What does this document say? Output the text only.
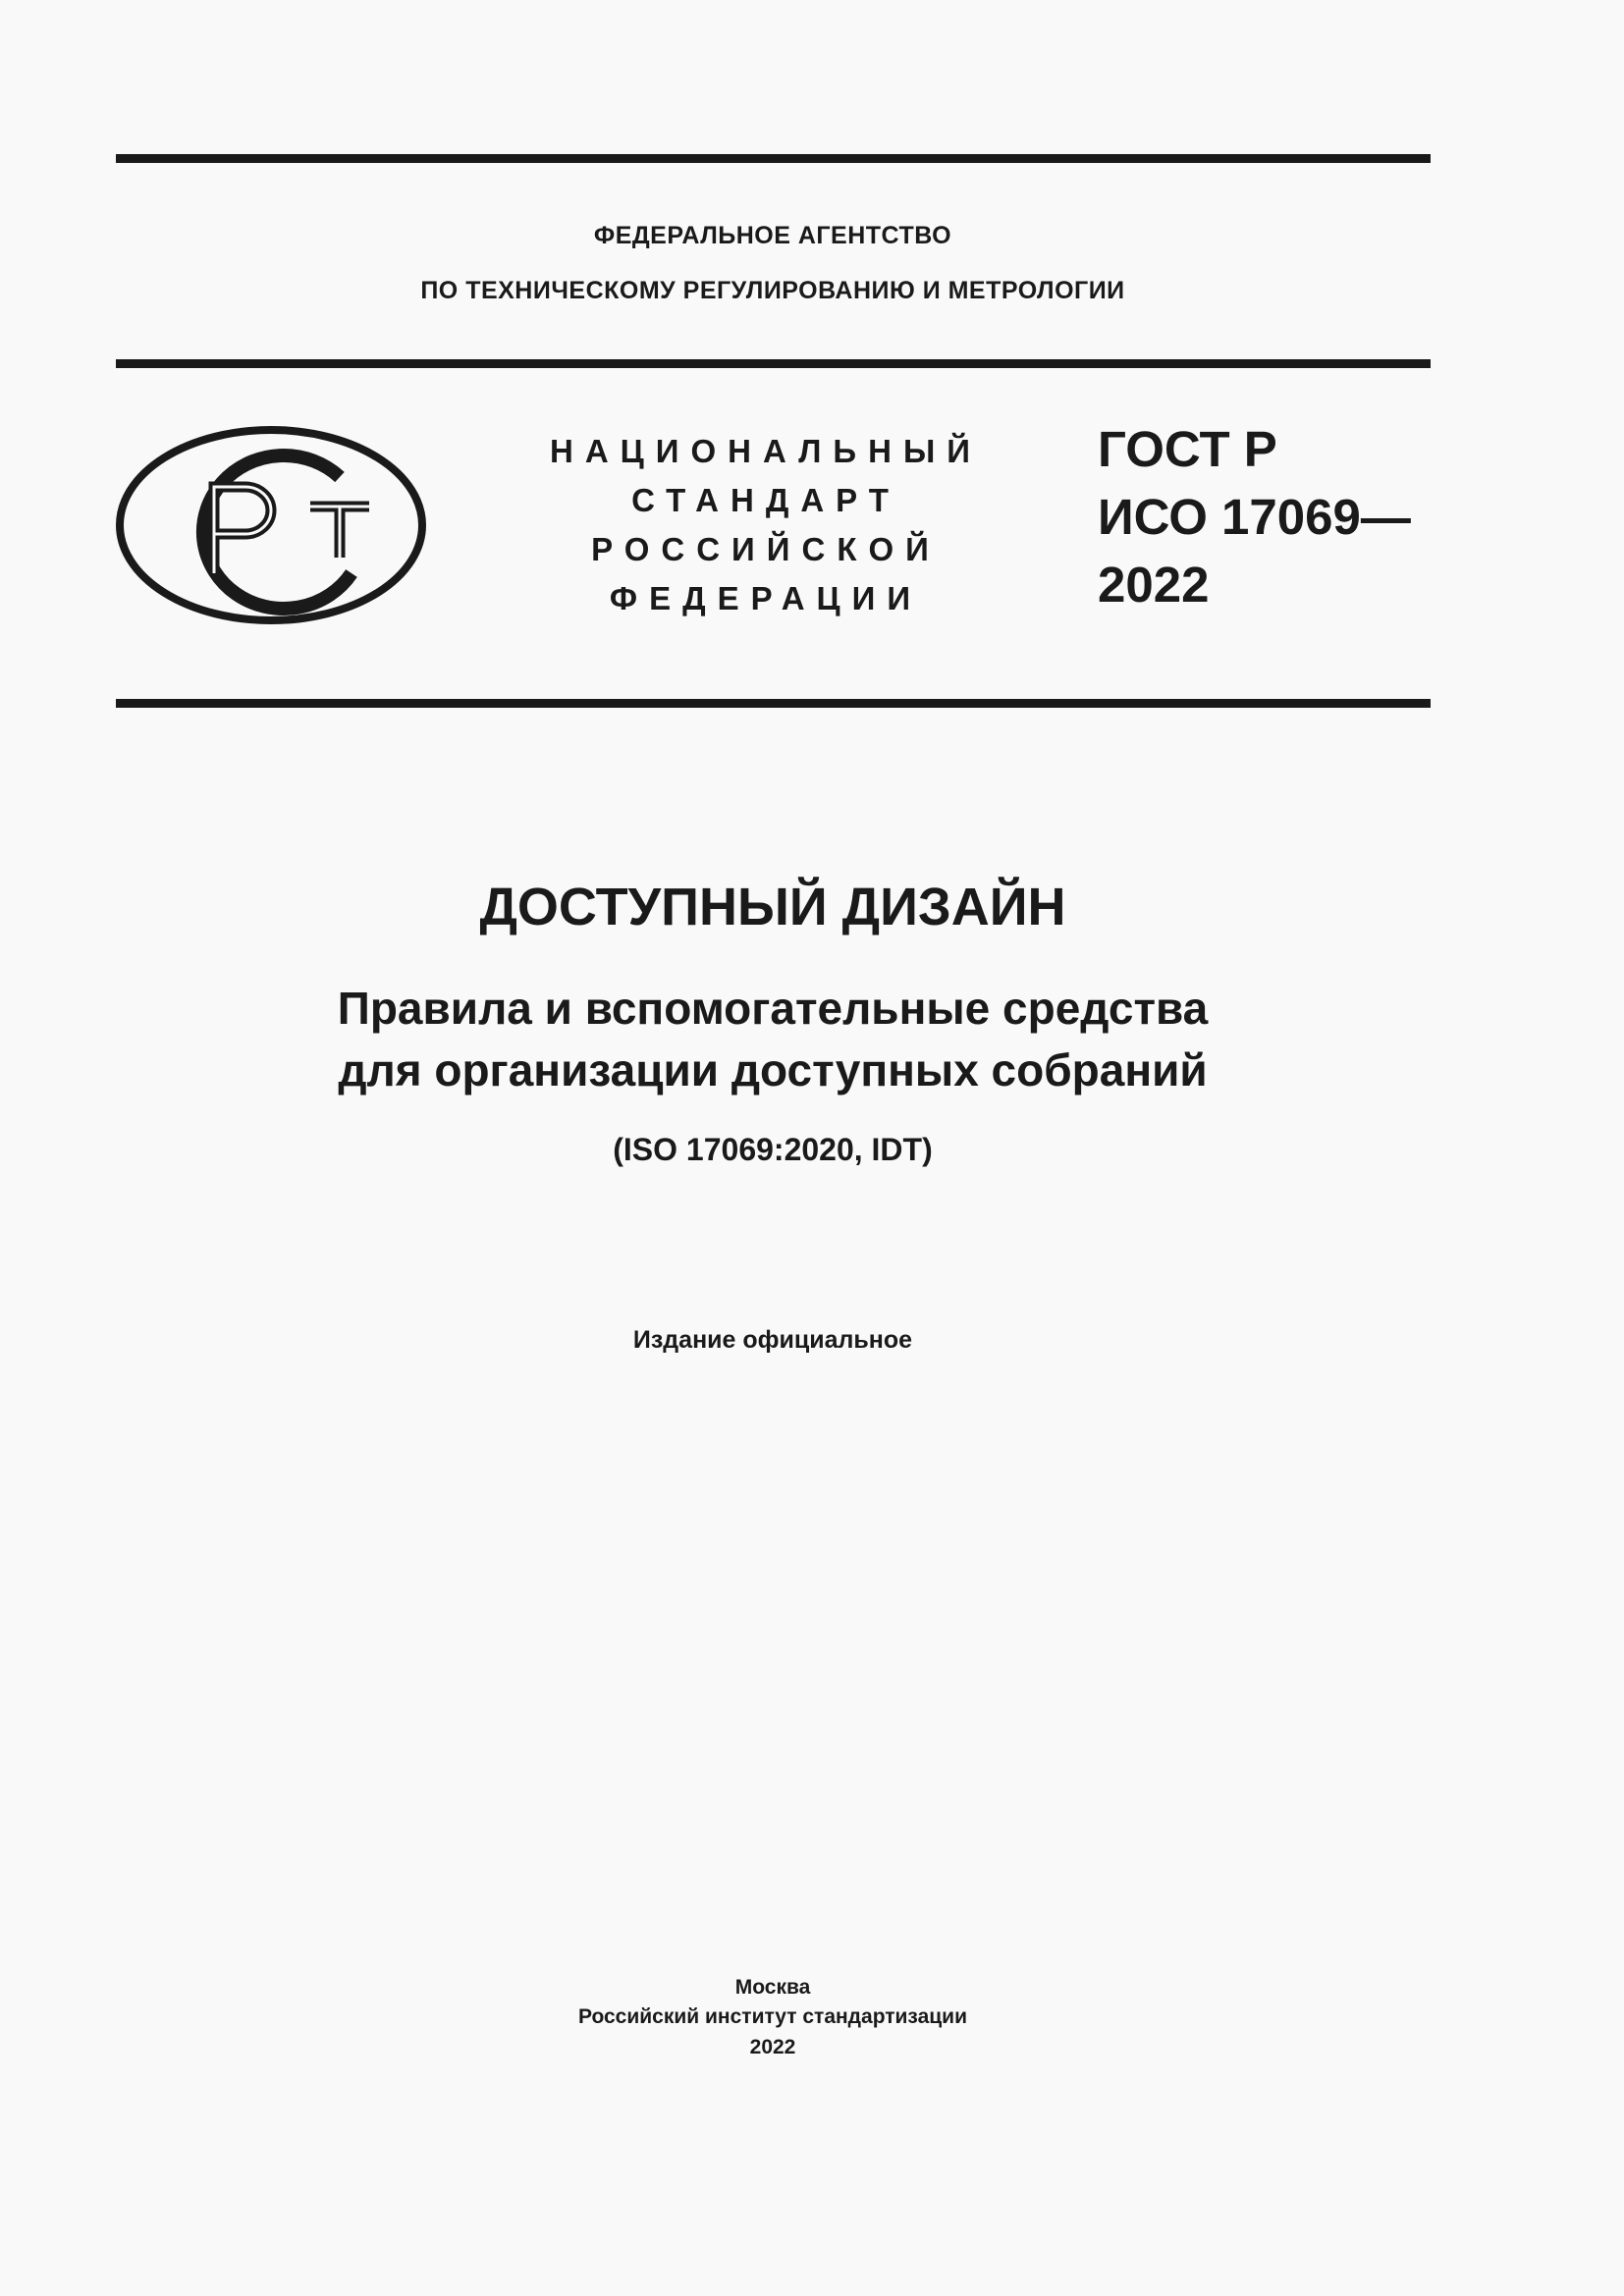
ФЕДЕРАЛЬНОЕ АГЕНТСТВО
ПО ТЕХНИЧЕСКОМУ РЕГУЛИРОВАНИЮ И МЕТРОЛОГИИ
НАЦИОНАЛЬНЫЙ
СТАНДАРТ
РОССИЙСКОЙ
ФЕДЕРАЦИИ
ГОСТ Р
ИСО 17069—
2022
ДОСТУПНЫЙ ДИЗАЙН
Правила и вспомогательные средства
для организации доступных собраний
(ISO 17069:2020, IDT)
Издание официальное
Москва
Российский институт стандартизации
2022
